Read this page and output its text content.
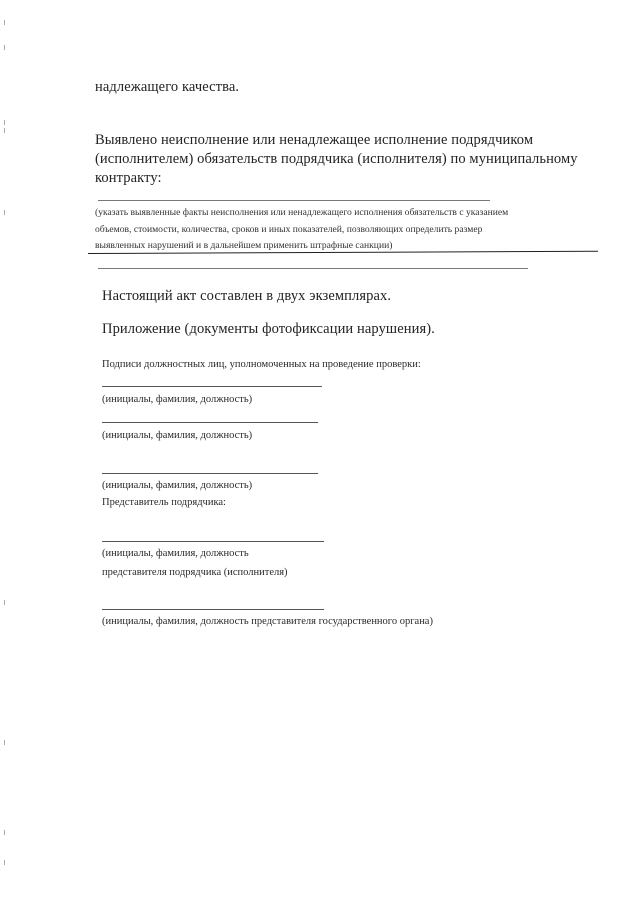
надлежащего качества.
Выявлено неисполнение или ненадлежащее исполнение подрядчиком
(исполнителем) обязательств подрядчика (исполнителя) по муниципальному
контракту:
(указать выявленные факты неисполнения или ненадлежащего исполнения обязательств с указанием
объемов, стоимости, количества, сроков и иных показателей, позволяющих определить размер
выявленных нарушений и в дальнейшем применить штрафные санкции)
Настоящий акт составлен в двух экземплярах.
Приложение (документы фотофиксации нарушения).
Подписи должностных лиц, уполномоченных на проведение проверки:
(инициалы, фамилия, должность)
(инициалы, фамилия, должность)
(инициалы, фамилия, должность)
Представитель подрядчика:
(инициалы, фамилия, должность
представителя подрядчика (исполнителя)
(инициалы, фамилия, должность представителя государственного органа)
